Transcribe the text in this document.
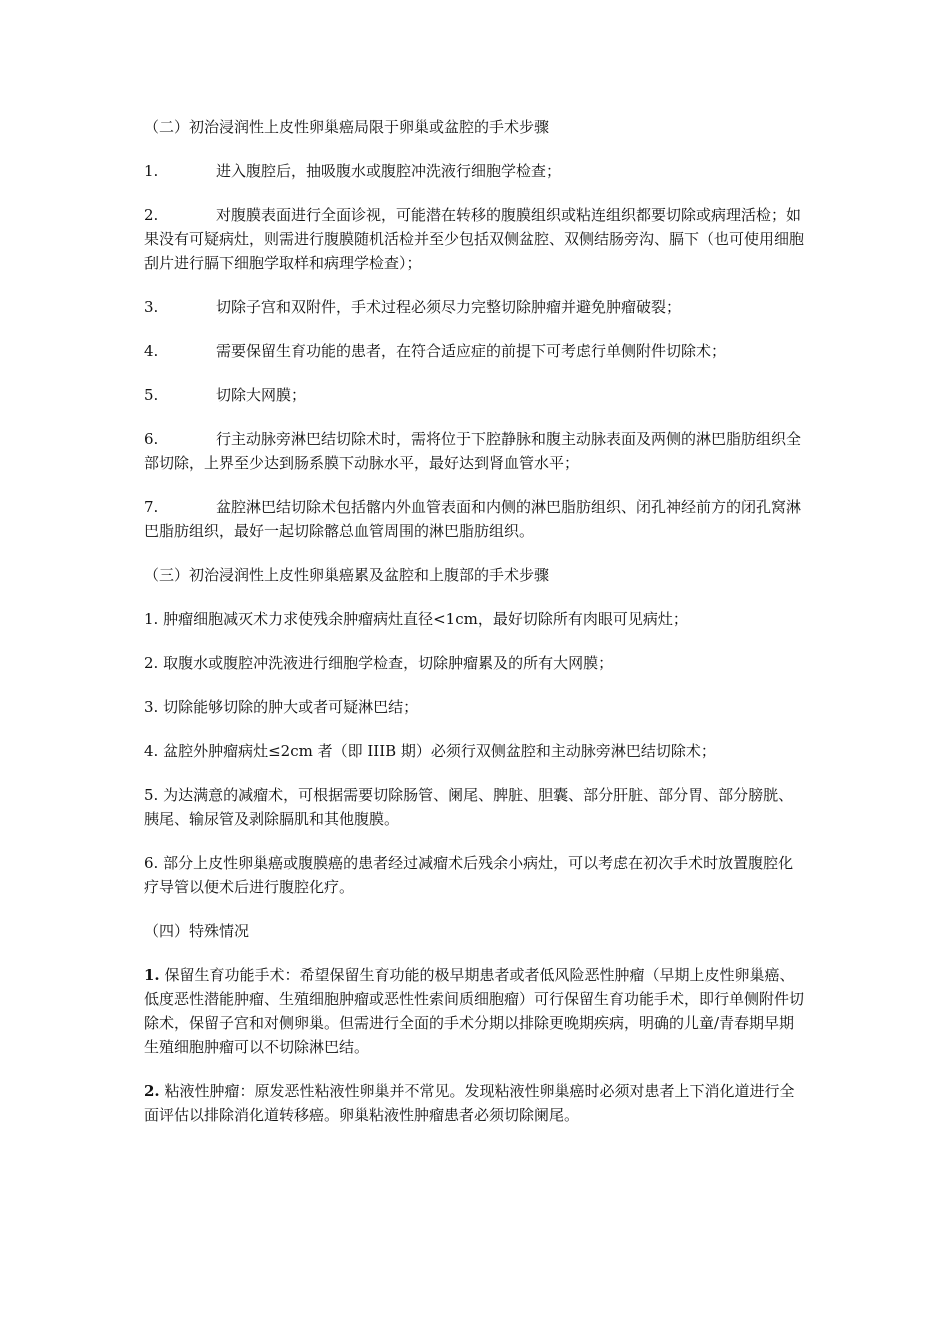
（二）初治浸润性上皮性卵巢癌局限于卵巢或盆腔的手术步骤

1.	进入腹腔后，抽吸腹水或腹腔冲洗液行细胞学检查；

2.	对腹膜表面进行全面诊视，可能潜在转移的腹膜组织或粘连组织都要切除或病理活检；如果没有可疑病灶，则需进行腹膜随机活检并至少包括双侧盆腔、双侧结肠旁沟、膈下（也可使用细胞刮片进行膈下细胞学取样和病理学检查）；

3.	切除子宫和双附件，手术过程必须尽力完整切除肿瘤并避免肿瘤破裂；

4.	需要保留生育功能的患者，在符合适应症的前提下可考虑行单侧附件切除术；

5.	切除大网膜；

6.	行主动脉旁淋巴结切除术时，需将位于下腔静脉和腹主动脉表面及两侧的淋巴脂肪组织全部切除，上界至少达到肠系膜下动脉水平，最好达到肾血管水平；

7.	盆腔淋巴结切除术包括髂内外血管表面和内侧的淋巴脂肪组织、闭孔神经前方的闭孔窝淋巴脂肪组织，最好一起切除髂总血管周围的淋巴脂肪组织。

（三）初治浸润性上皮性卵巢癌累及盆腔和上腹部的手术步骤

1. 肿瘤细胞减灭术力求使残余肿瘤病灶直径<1cm，最好切除所有肉眼可见病灶；

2. 取腹水或腹腔冲洗液进行细胞学检查，切除肿瘤累及的所有大网膜；

3. 切除能够切除的肿大或者可疑淋巴结；

4. 盆腔外肿瘤病灶≤2cm 者（即 IIIB 期）必须行双侧盆腔和主动脉旁淋巴结切除术；

5. 为达满意的减瘤术，可根据需要切除肠管、阑尾、脾脏、胆囊、部分肝脏、部分胃、部分膀胱、胰尾、输尿管及剥除膈肌和其他腹膜。

6. 部分上皮性卵巢癌或腹膜癌的患者经过减瘤术后残余小病灶，可以考虑在初次手术时放置腹腔化疗导管以便术后进行腹腔化疗。

（四）特殊情况

1. 保留生育功能手术：希望保留生育功能的极早期患者或者低风险恶性肿瘤（早期上皮性卵巢癌、低度恶性潜能肿瘤、生殖细胞肿瘤或恶性性索间质细胞瘤）可行保留生育功能手术，即行单侧附件切除术，保留子宫和对侧卵巢。但需进行全面的手术分期以排除更晚期疾病，明确的儿童/青春期早期生殖细胞肿瘤可以不切除淋巴结。

2. 粘液性肿瘤：原发恶性粘液性卵巢并不常见。发现粘液性卵巢癌时必须对患者上下消化道进行全面评估以排除消化道转移癌。卵巢粘液性肿瘤患者必须切除阑尾。
